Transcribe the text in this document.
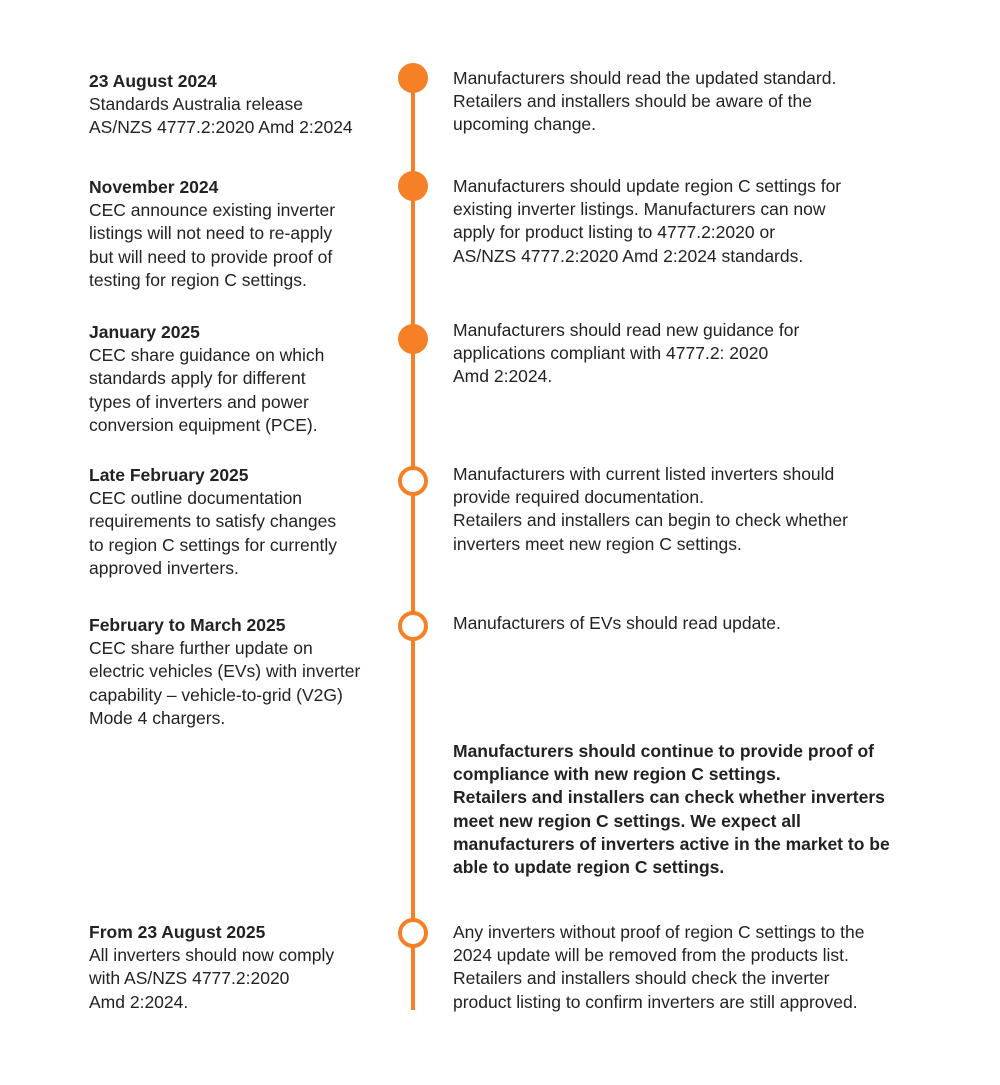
23 August 2024
Standards Australia release
AS/NZS 4777.2:2020 Amd 2:2024
Manufacturers should read the updated standard.
Retailers and installers should be aware of the
upcoming change.
November 2024
CEC announce existing inverter
listings will not need to re-apply
but will need to provide proof of
testing for region C settings.
Manufacturers should update region C settings for
existing inverter listings. Manufacturers can now
apply for product listing to 4777.2:2020 or
AS/NZS 4777.2:2020 Amd 2:2024 standards.
January 2025
CEC share guidance on which
standards apply for different
types of inverters and power
conversion equipment (PCE).
Manufacturers should read new guidance for
applications compliant with 4777.2: 2020
Amd 2:2024.
Late February 2025
CEC outline documentation
requirements to satisfy changes
to region C settings for currently
approved inverters.
Manufacturers with current listed inverters should
provide required documentation.
Retailers and installers can begin to check whether
inverters meet new region C settings.
February to March 2025
CEC share further update on
electric vehicles (EVs) with inverter
capability – vehicle-to-grid (V2G)
Mode 4 chargers.
Manufacturers of EVs should read update.
From 23 August 2025
All inverters should now comply
with AS/NZS 4777.2:2020
Amd 2:2024.
Any inverters without proof of region C settings to the
2024 update will be removed from the products list.
Retailers and installers should check the inverter
product listing to confirm inverters are still approved.
Manufacturers should continue to provide proof of
compliance with new region C settings.
Retailers and installers can check whether inverters
meet new region C settings. We expect all
manufacturers of inverters active in the market to be
able to update region C settings.
